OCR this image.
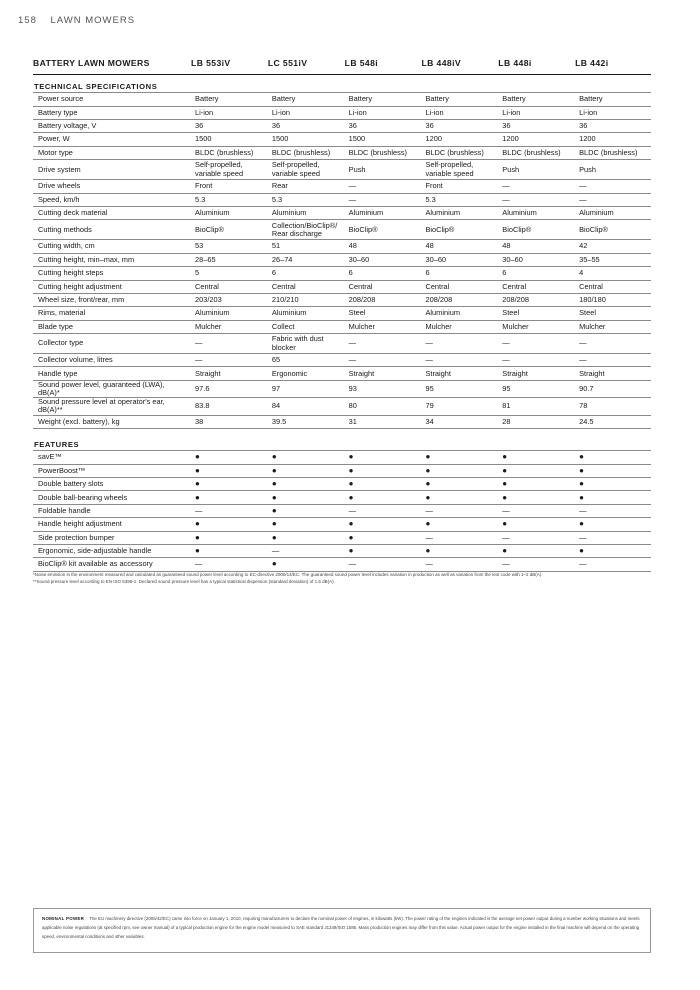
158 LAWN MOWERS
BATTERY LAWN MOWERS	LB 553iV	LC 551iV	LB 548i	LB 448iV	LB 448i	LB 442i
TECHNICAL SPECIFICATIONS						
Power source	Battery	Battery	Battery	Battery	Battery	Battery
Battery type	Li-ion	Li-ion	Li-ion	Li-ion	Li-ion	Li-ion
Battery voltage, V	36	36	36	36	36	36
Power, W	1500	1500	1500	1200	1200	1200
Motor type	BLDC (brushless)	BLDC (brushless)	BLDC (brushless)	BLDC (brushless)	BLDC (brushless)	BLDC (brushless)
Drive system	Self-propelled, variable speed	Self-propelled, variable speed	Push	Self-propelled, variable speed	Push	Push
Drive wheels	Front	Rear	—	Front	—	—
Speed, km/h	5.3	5.3	—	5.3	—	—
Cutting deck material	Aluminium	Aluminium	Aluminium	Aluminium	Aluminium	Aluminium
Cutting methods	BioClip®	Collection/BioClip®/ Rear discharge	BioClip®	BioClip®	BioClip®	BioClip®
Cutting width, cm	53	51	48	48	48	42
Cutting height, min–max, mm	28–65	26–74	30–60	30–60	30–60	35–55
Cutting height steps	5	6	6	6	6	4
Cutting height adjustment	Central	Central	Central	Central	Central	Central
Wheel size, front/rear, mm	203/203	210/210	208/208	208/208	208/208	180/180
Rims, material	Aluminium	Aluminium	Steel	Aluminium	Steel	Steel
Blade type	Mulcher	Collect	Mulcher	Mulcher	Mulcher	Mulcher
Collector type	—	Fabric with dust blocker	—	—	—	—
Collector volume, litres	—	65	—	—	—	—
Handle type	Straight	Ergonomic	Straight	Straight	Straight	Straight
Sound power level, guaranteed (LWA), dB(A)*	97.6	97	93	95	95	90.7
Sound pressure level at operator's ear, dB(A)**	83.8	84	80	79	81	78
Weight (excl. battery), kg	38	39.5	31	34	28	24.5
FEATURES						
savE™	●	●	●	●	●	●
PowerBoost™	●	●	●	●	●	●
Double battery slots	●	●	●	●	●	●
Double ball-bearing wheels	●	●	●	●	●	●
Foldable handle	—	●	—	—	—	—
Handle height adjustment	●	●	●	●	●	●
Side protection bumper	●	●	●	—	—	—
Ergonomic, side-adjustable handle	●	—	●	●	●	●
BioClip® kit available as accessory	—	●	—	—	—	—
*Noise emission in the environment measured and calculated as guaranteed sound power level according to EC-directive 2000/14/EC. The guaranteed sound power level includes variation in production as well as variation from the test code with 1–2 dB(A).
**Sound pressure level according to EN ISO 5395-1. Declared sound pressure level has a typical statistical dispersion (standard deviation) of 1.5 dB(A).
NOMINAL POWER The EU machinery directive (2006/42/EC) came into force on January 1, 2010, requiring manufacturers to declare the nominal power of engines, in kilowatts (kW). The power rating of the engines indicated is the average net power output during a number working situations and meets applicable noise regulations (at specified rpm, see owner manual) of a typical production engine for the engine model measured to SAE standard J1349/ISO 1585. Mass production engines may differ from this value. Actual power output for the engine installed in the final machine will depend on the operating speed, environmental conditions and other variables.
